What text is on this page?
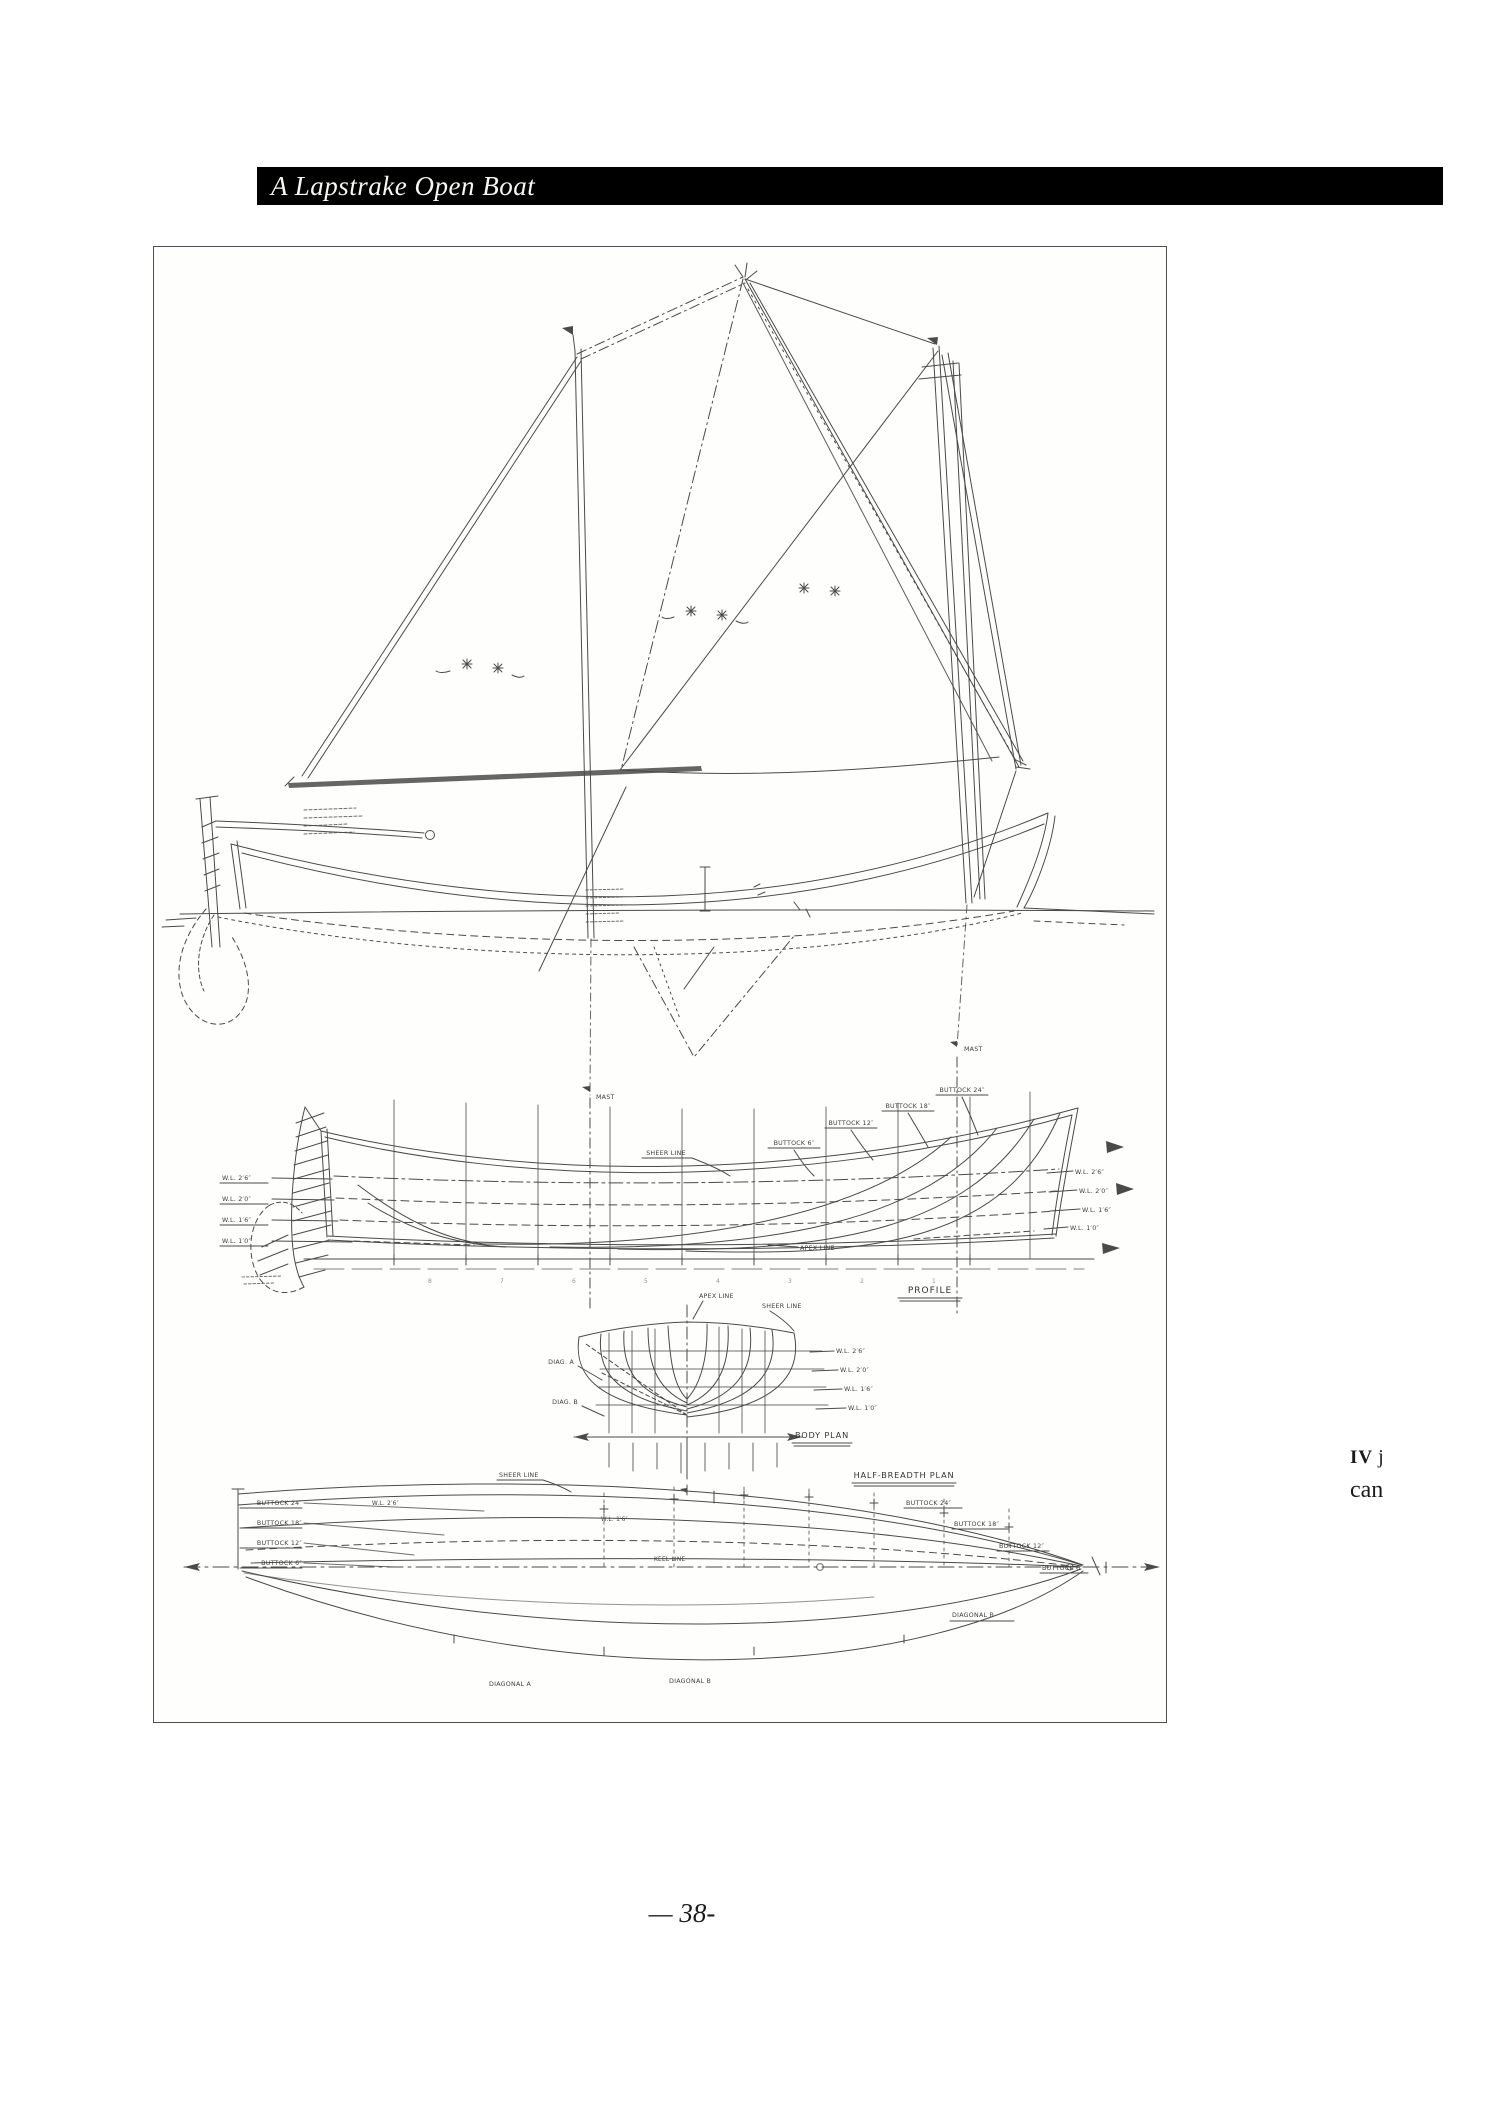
A Lapstrake Open Boat
MAST
8	7	6	5	4	3	2	1
MAST
W.L. 2′6″
W.L. 2′0″
W.L. 1′6″
W.L. 1′0″
W.L. 2′6″
W.L. 2′0″
W.L. 1′6″
W.L. 1′0″
BUTTOCK 6″
BUTTOCK 12″
BUTTOCK 18″
BUTTOCK 24″
SHEER LINE
APEX LINE
PROFILE
APEX LINE
SHEER LINE
W.L. 2′6″
W.L. 2′0″
W.L. 1′6″
W.L. 1′0″
DIAG. A
DIAG. B
BODY PLAN
BUTTOCK 24″
BUTTOCK 18″
BUTTOCK 12″
BUTTOCK 6″
BUTTOCK 24″
BUTTOCK 18″
BUTTOCK 12″
BUTTOCK 6″
SHEER LINE
KEEL LINE
W.L. 2′6″
W.L. 1′6″
DIAGONAL A	DIAGONAL B
DIAGONAL B
HALF-BREADTH PLAN
IV j
can
— 38-
